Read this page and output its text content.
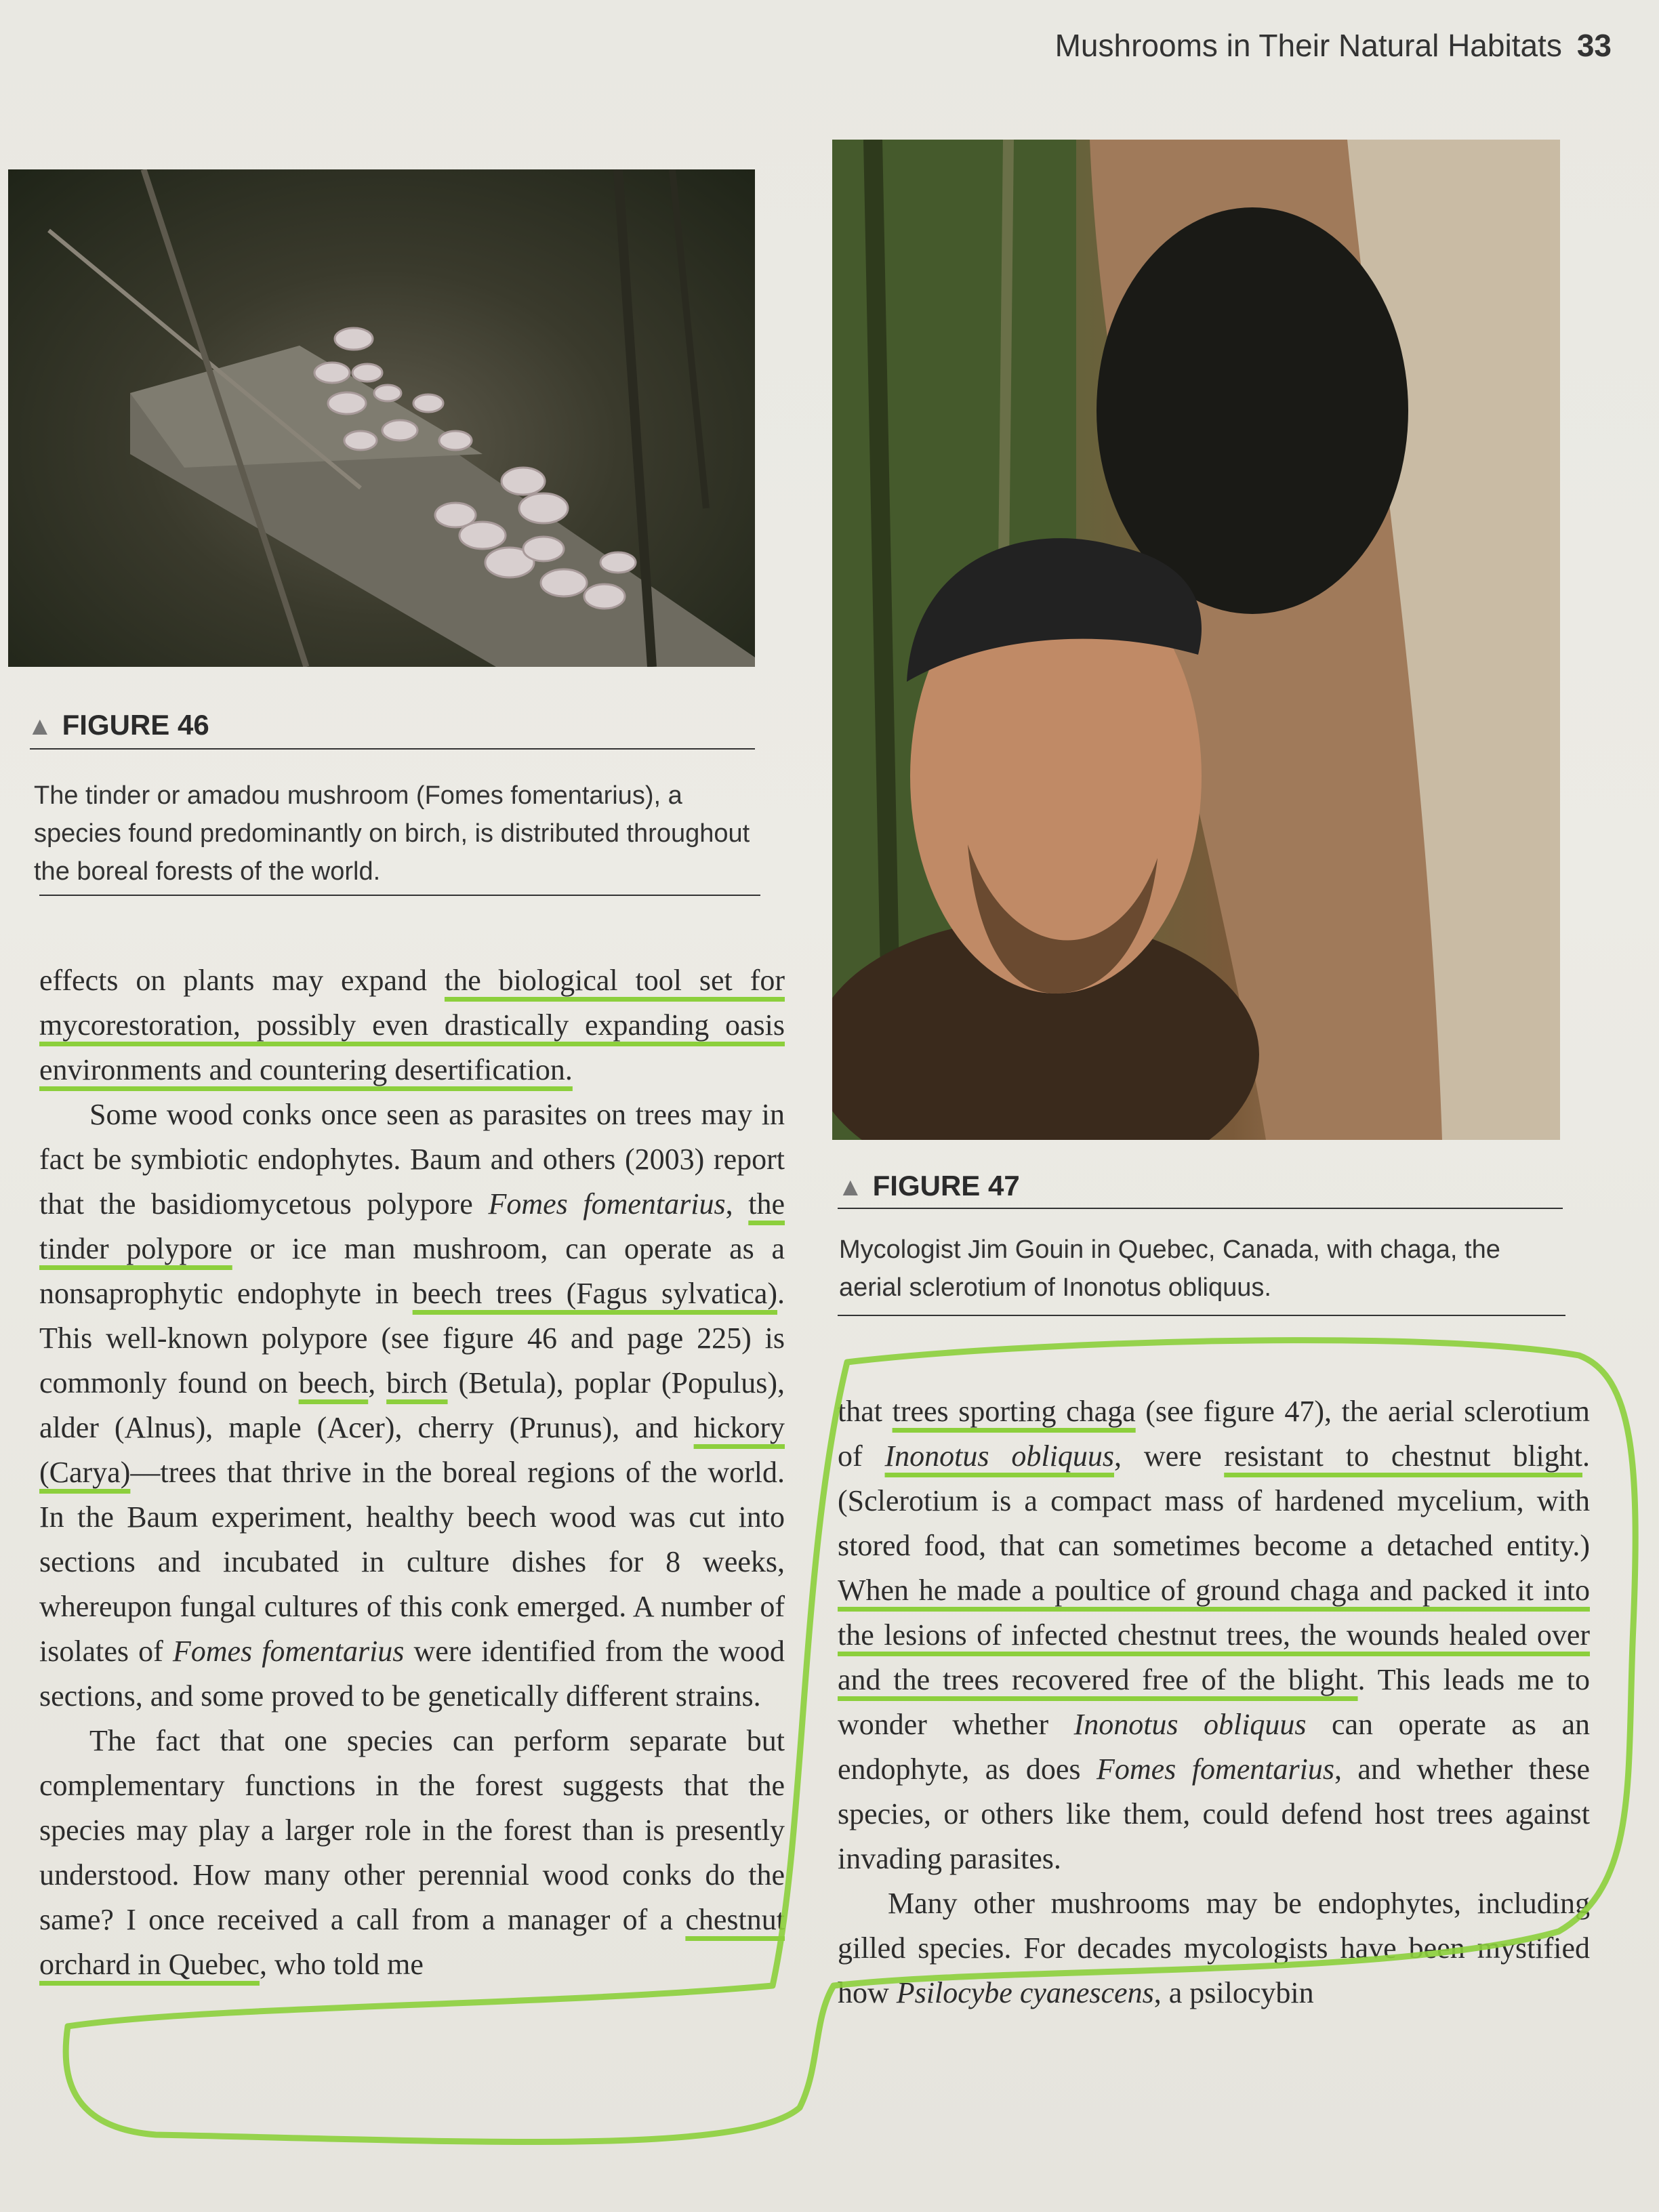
Mushrooms in Their Natural Habitats 33
▲ FIGURE 46
The tinder or amadou mushroom (Fomes fomentarius), a species found predominantly on birch, is distributed throughout the boreal forests of the world.
▲ FIGURE 47
Mycologist Jim Gouin in Quebec, Canada, with chaga, the aerial sclerotium of Inonotus obliquus.

effects on plants may expand the biological tool set for mycorestoration, possibly even drastically expanding oasis environments and countering desertification.

Some wood conks once seen as parasites on trees may in fact be symbiotic endophytes. Baum and others (2003) report that the basidiomycetous polypore Fomes fomentarius, the tinder polypore or ice man mushroom, can operate as a nonsaprophytic endophyte in beech trees (Fagus sylvatica). This well-known polypore (see figure 46 and page 225) is commonly found on beech, birch (Betula), poplar (Populus), alder (Alnus), maple (Acer), cherry (Prunus), and hickory (Carya)—trees that thrive in the boreal regions of the world. In the Baum experiment, healthy beech wood was cut into sections and incubated in culture dishes for 8 weeks, whereupon fungal cultures of this conk emerged. A number of isolates of Fomes fomentarius were identified from the wood sections, and some proved to be genetically different strains.

The fact that one species can perform separate but complementary functions in the forest suggests that the species may play a larger role in the forest than is presently understood. How many other perennial wood conks do the same? I once received a call from a manager of a chestnut orchard in Quebec, who told me

that trees sporting chaga (see figure 47), the aerial sclerotium of Inonotus obliquus, were resistant to chestnut blight. (Sclerotium is a compact mass of hardened mycelium, with stored food, that can sometimes become a detached entity.) When he made a poultice of ground chaga and packed it into the lesions of infected chestnut trees, the wounds healed over and the trees recovered free of the blight. This leads me to wonder whether Inonotus obliquus can operate as an endophyte, as does Fomes fomentarius, and whether these species, or others like them, could defend host trees against invading parasites.

Many other mushrooms may be endophytes, including gilled species. For decades mycologists have been mystified how Psilocybe cyanescens, a psilocybin
